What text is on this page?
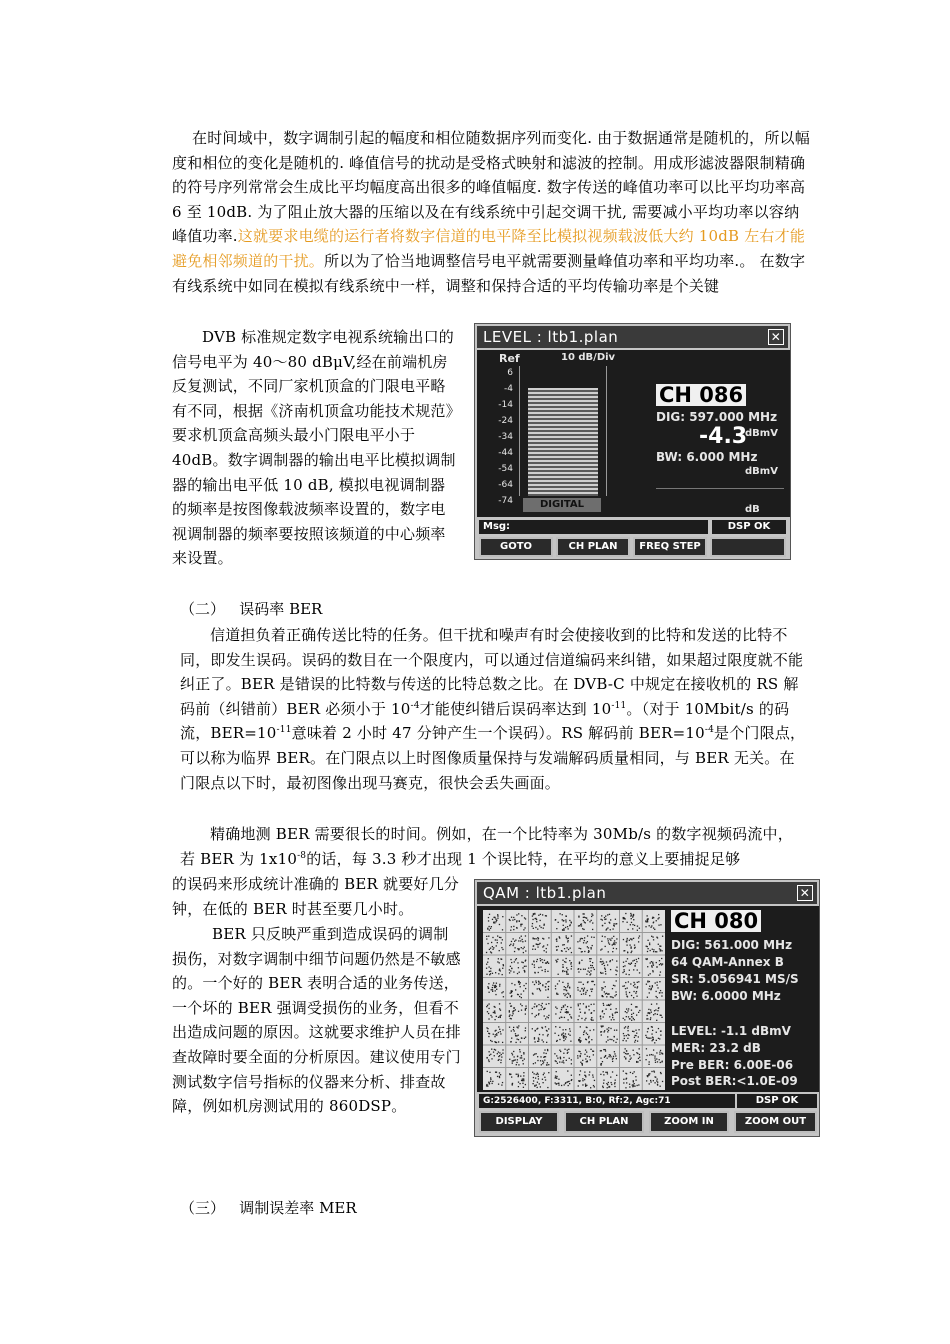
在时间域中，数字调制引起的幅度和相位随数据序列而变化. 由于数据通常是随机的，所以幅度和相位的变化是随机的. 峰值信号的扰动是受格式映射和滤波的控制。用成形滤波器限制精确的符号序列常常会生成比平均幅度高出很多的峰值幅度. 数字传送的峰值功率可以比平均功率高 6 至 10dB. 为了阻止放大器的压缩以及在有线系统中引起交调干扰, 需要减小平均功率以容纳峰值功率.这就要求电缆的运行者将数字信道的电平降至比模拟视频载波低大约 10dB 左右才能避免相邻频道的干扰。所以为了恰当地调整信号电平就需要测量峰值功率和平均功率.。 在数字有线系统中如同在模拟有线系统中一样，调整和保持合适的平均传输功率是个关键

DVB 标准规定数字电视系统输出口的信号电平为 40～80 dBμV,经在前端机房反复测试，不同厂家机顶盒的门限电平略有不同，根据《济南机顶盒功能技术规范》要求机顶盒高频头最小门限电平小于 40dB。数字调制器的输出电平比模拟调制器的输出电平低 10 dB, 模拟电视调制器的频率是按图像载波频率设置的，数字电视调制器的频率要按照该频道的中心频率来设置。

LEVEL : ltb1.plan	✕
Ref	10 dB/Div
6
-4
-14
-24
-34
-44
-54
-64
-74	DIGITAL
CH 086
DIG: 597.000 MHz
-4.3
dBmV
BW: 6.000 MHz
dBmV
dB
Msg:	DSP OK
GOTO	CH PLAN	FREQ STEP
（二）   误码率 BER

信道担负着正确传送比特的任务。但干扰和噪声有时会使接收到的比特和发送的比特不同，即发生误码。误码的数目在一个限度内，可以通过信道编码来纠错，如果超过限度就不能纠正了。BER 是错误的比特数与传送的比特总数之比。在 DVB-C 中规定在接收机的 RS 解码前（纠错前）BER 必须小于 $10^{-4}$才能使纠错后误码率达到 $10^{-11}$。（对于 10Mbit/s 的码流，$BER=10^{-11}$意味着 2 小时 47 分钟产生一个误码）。RS 解码前 $BER=10^{-4}$是个门限点，可以称为临界 BER。在门限点以上时图像质量保持与发端解码质量相同，与 BER 无关。在门限点以下时，最初图像出现马赛克，很快会丢失画面。

精确地测 BER 需要很长的时间。例如，在一个比特率为 30Mb/s 的数字视频码流中，若 BER 为 $1x10^{-8}$的话，每 3.3 秒才出现 1 个误比特，在平均的意义上要捕捉足够

的误码来形成统计准确的 BER 就要好几分钟，在低的 BER 时甚至要几小时。

BER 只反映严重到造成误码的调制损伤，对数字调制中细节问题仍然是不敏感的。一个好的 BER 表明合适的业务传送，一个坏的 BER 强调受损伤的业务，但看不出造成问题的原因。这就要求维护人员在排查故障时要全面的分析原因。建议使用专门测试数字信号指标的仪器来分析、排查故障，例如机房测试用的 860DSP。

QAM : ltb1.plan	✕
CH 080
DIG: 561.000 MHz
64 QAM-Annex B
SR: 5.056941 MS/S
BW: 6.0000 MHz
LEVEL: -1.1 dBmV
MER: 23.2 dB
Pre BER: 6.00E-06
Post BER:<1.0E-09
G:2526400, F:3311, B:0, Rf:2, Agc:71	DSP OK
DISPLAY	CH PLAN	ZOOM IN	ZOOM OUT
（三）   调制误差率 MER
